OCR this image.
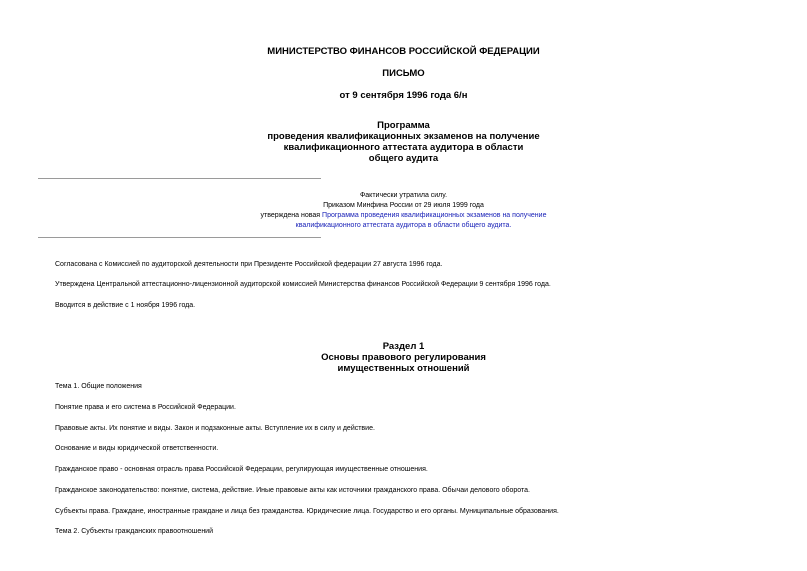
МИНИСТЕРСТВО ФИНАНСОВ РОССИЙСКОЙ ФЕДЕРАЦИИ
ПИСЬМО
от 9 сентября 1996 года 6/н
Программа
проведения квалификационных экзаменов на получение
квалификационного аттестата аудитора в области
общего аудита
Фактически утратила силу.
Приказом Минфина России от 29 июля 1999 года
утверждена новая Программа проведения квалификационных экзаменов на получение
квалификационного аттестата аудитора в области общего аудита.
Согласована с Комиссией по аудиторской деятельности при Президенте Российской федерации 27 августа 1996 года.
Утверждена Центральной аттестационно-лицензионной аудиторской комиссией Министерства финансов Российской Федерации 9 сентября 1996 года.
Вводится в действие с 1 ноября 1996 года.
Раздел 1
Основы правового регулирования
имущественных отношений
Тема 1. Общие положения
Понятие права и его система в Российской Федерации.
Правовые акты. Их понятие и виды. Закон и подзаконные акты. Вступление их в силу и действие.
Основание и виды юридической ответственности.
Гражданское право - основная отрасль права Российской Федерации, регулирующая имущественные отношения.
Гражданское законодательство: понятие, система, действие. Иные правовые акты как источники гражданского права. Обычаи делового оборота.
Субъекты права. Граждане, иностранные граждане и лица без гражданства. Юридические лица. Государство и его органы. Муниципальные образования.
Тема 2. Субъекты гражданских правоотношений
